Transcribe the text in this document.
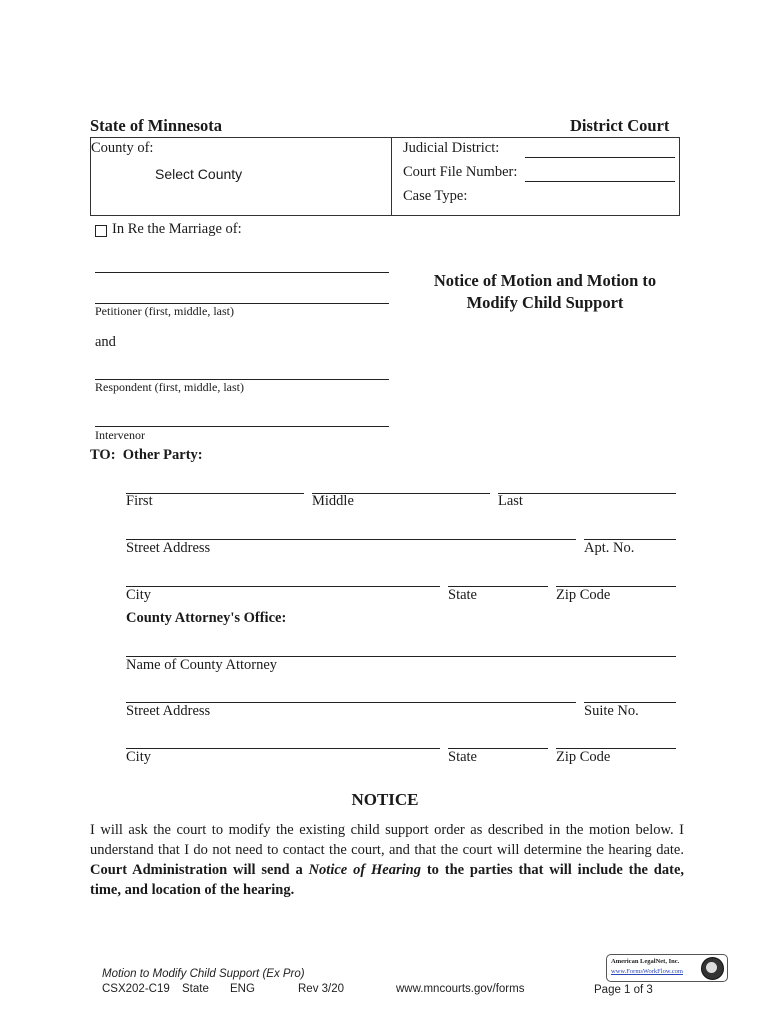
State of Minnesota	District Court
County of:
Select County
Judicial District:
Court File Number:
Case Type:
In Re the Marriage of:
Notice of Motion and Motion to
Modify Child Support
Petitioner (first, middle, last)
and
Respondent (first, middle, last)
Intervenor
TO:  Other Party:
First	Middle	Last
Street Address	Apt. No.
City	State	Zip Code
County Attorney's Office:
Name of County Attorney
Street Address	Suite No.
City	State	Zip Code
NOTICE
I will ask the court to modify the existing child support order as described in the motion below. I understand that I do not need to contact the court, and that the court will determine the hearing date. Court Administration will send a Notice of Hearing to the parties that will include the date, time, and location of the hearing.
Motion to Modify Child Support (Ex Pro)
CSX202-C19 State ENG	Rev 3/20	www.mncourts.gov/forms	Page 1 of 3
American LegalNet, Inc.
www.FormsWorkFlow.com
